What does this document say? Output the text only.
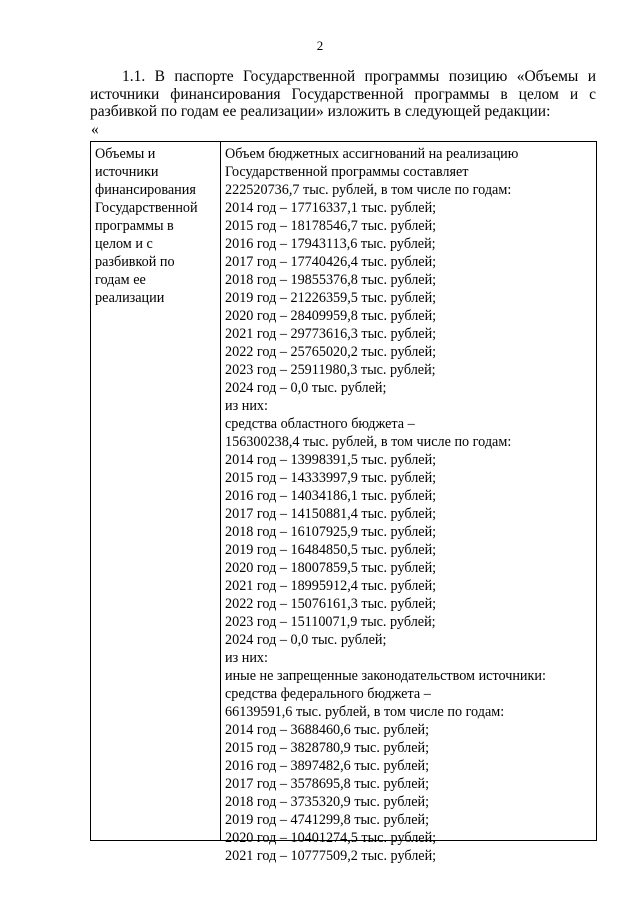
2

1.1. В паспорте Государственной программы позицию «Объемы и источники финансирования Государственной программы в целом и с разбивкой по годам ее реализации» изложить в следующей редакции:

«
Объемы и
источники
финансирования
Государственной
программы в
целом и с
разбивкой по
годам ее
реализации
Объем бюджетных ассигнований на реализацию
Государственной программы составляет
222520736,7 тыс. рублей, в том числе по годам:
2014 год – 17716337,1 тыс. рублей;
2015 год – 18178546,7 тыс. рублей;
2016 год – 17943113,6 тыс. рублей;
2017 год – 17740426,4 тыс. рублей;
2018 год – 19855376,8 тыс. рублей;
2019 год – 21226359,5 тыс. рублей;
2020 год – 28409959,8 тыс. рублей;
2021 год – 29773616,3 тыс. рублей;
2022 год – 25765020,2 тыс. рублей;
2023 год – 25911980,3 тыс. рублей;
2024 год – 0,0 тыс. рублей;
из них:
средства областного бюджета –
156300238,4 тыс. рублей, в том числе по годам:
2014 год – 13998391,5 тыс. рублей;
2015 год – 14333997,9 тыс. рублей;
2016 год – 14034186,1 тыс. рублей;
2017 год – 14150881,4 тыс. рублей;
2018 год – 16107925,9 тыс. рублей;
2019 год – 16484850,5 тыс. рублей;
2020 год – 18007859,5 тыс. рублей;
2021 год – 18995912,4 тыс. рублей;
2022 год – 15076161,3 тыс. рублей;
2023 год – 15110071,9 тыс. рублей;
2024 год – 0,0 тыс. рублей;
из них:
иные не запрещенные законодательством источники:
средства федерального бюджета –
66139591,6 тыс. рублей, в том числе по годам:
2014 год – 3688460,6 тыс. рублей;
2015 год – 3828780,9 тыс. рублей;
2016 год – 3897482,6 тыс. рублей;
2017 год – 3578695,8 тыс. рублей;
2018 год – 3735320,9 тыс. рублей;
2019 год – 4741299,8 тыс. рублей;
2020 год – 10401274,5 тыс. рублей;
2021 год – 10777509,2 тыс. рублей;
